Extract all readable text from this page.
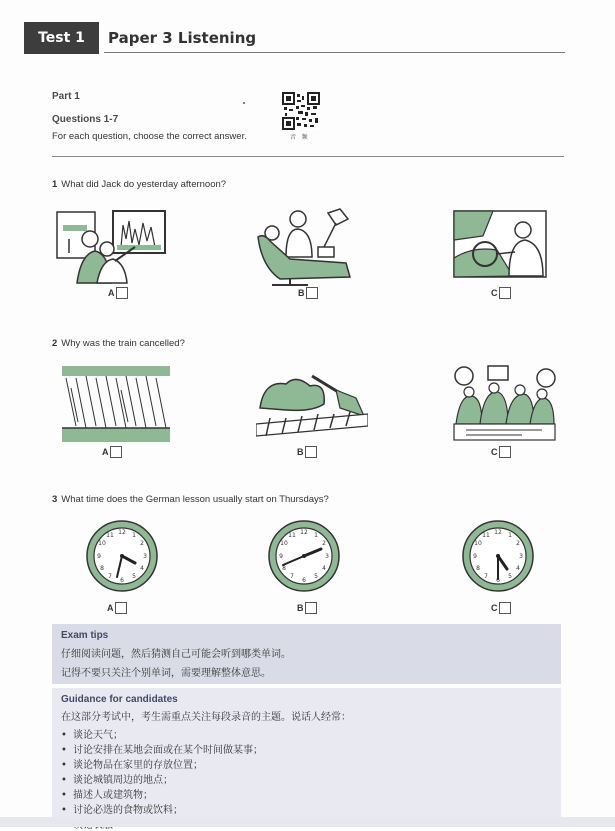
Test 1	Paper 3 Listening
Part 1
Questions 1-7
For each question, choose the correct answer.	音 频
1 What did Jack do yesterday afternoon?
A	B	C
2 Why was the train cancelled?
A	B	C
3 What time does the German lesson usually start on Thursdays?
12 1
2
3
4
5
6
7
8
9
10
11
A
12 1
2
3
4
5
6
7
8
9
10
11
B
12 1
2
3
4
5
6
7
8
9
10
11
C
Exam tips
仔细阅读问题，然后猜测自己可能会听到哪类单词。
记得不要只关注个别单词，需要理解整体意思。
Guidance for candidates
在这部分考试中，考生需重点关注每段录音的主题。说话人经常：
• 谈论天气；
• 讨论安排在某地会面或在某个时间做某事；
• 谈论物品在家里的存放位置；
• 谈论城镇周边的地点；
• 描述人或建筑物；
• 讨论必选的食物或饮料；
